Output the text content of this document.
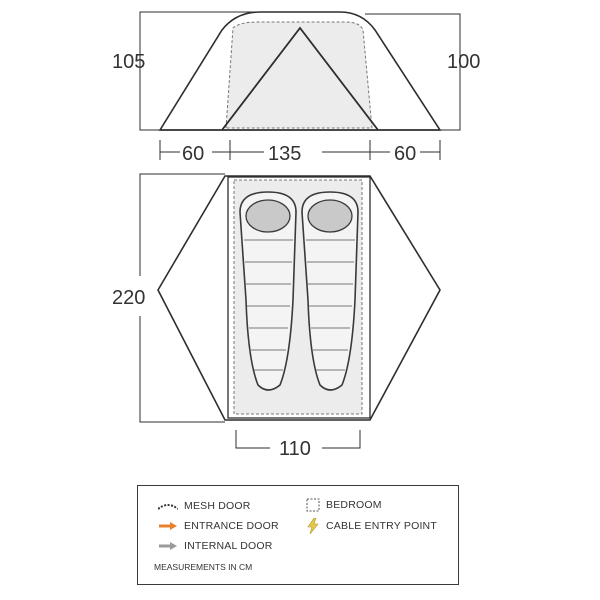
105	100
60	135	60
220
110
MESH DOOR
ENTRANCE DOOR
INTERNAL DOOR
BEDROOM
CABLE ENTRY POINT
MEASUREMENTS IN CM
